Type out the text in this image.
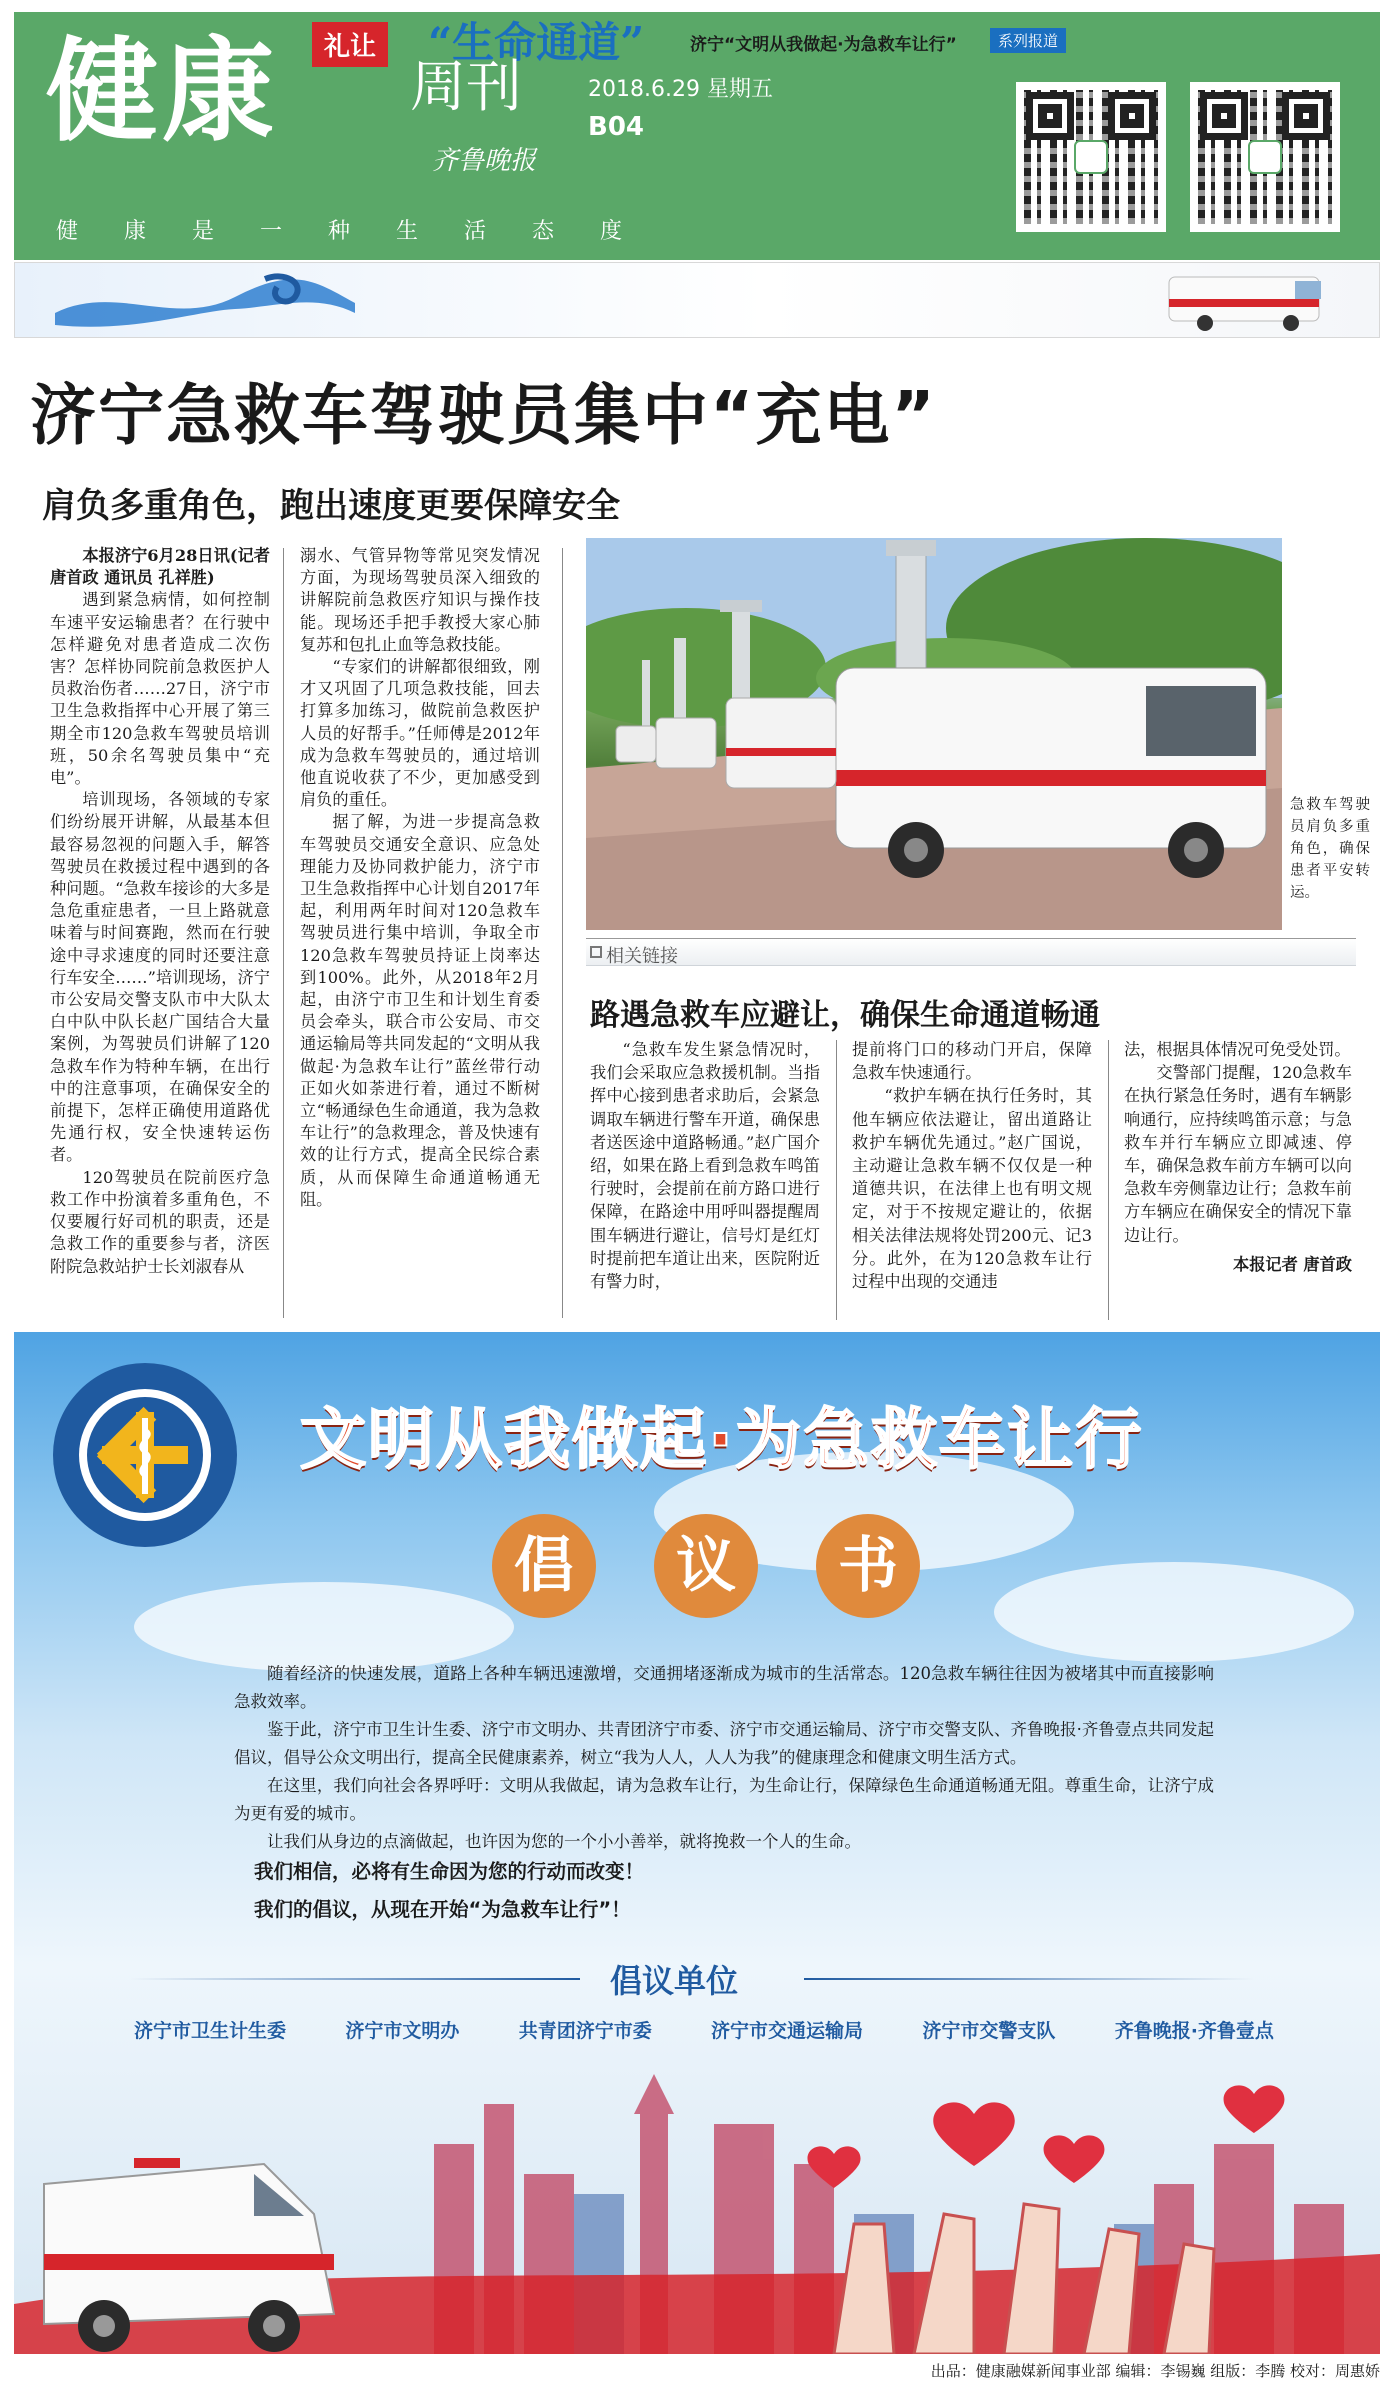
健康 周刊	2018.6.29 星期五
B04
齐鲁晚报
健康是一种生活态度
礼让 “生命通道”	济宁“文明从我做起·为急救车让行”	系列报道
济宁急救车驾驶员集中“充电”
肩负多重角色，跑出速度更要保障安全

本报济宁6月28日讯(记者 唐首政 通讯员 孔祥胜)

遇到紧急病情，如何控制车速平安运输患者？在行驶中怎样避免对患者造成二次伤害？怎样协同院前急救医护人员救治伤者……27日，济宁市卫生急救指挥中心开展了第三期全市120急救车驾驶员培训班，50余名驾驶员集中“充电”。

培训现场，各领域的专家们纷纷展开讲解，从最基本但最容易忽视的问题入手，解答驾驶员在救援过程中遇到的各种问题。“急救车接诊的大多是急危重症患者，一旦上路就意味着与时间赛跑，然而在行驶途中寻求速度的同时还要注意行车安全……”培训现场，济宁市公安局交警支队市中大队太白中队中队长赵广国结合大量案例，为驾驶员们讲解了120急救车作为特种车辆，在出行中的注意事项，在确保安全的前提下，怎样正确使用道路优先通行权，安全快速转运伤者。

120驾驶员在院前医疗急救工作中扮演着多重角色，不仅要履行好司机的职责，还是急救工作的重要参与者，济医附院急救站护士长刘淑春从

溺水、气管异物等常见突发情况方面，为现场驾驶员深入细致的讲解院前急救医疗知识与操作技能。现场还手把手教授大家心肺复苏和包扎止血等急救技能。

“专家们的讲解都很细致，刚才又巩固了几项急救技能，回去打算多加练习，做院前急救医护人员的好帮手。”任师傅是2012年成为急救车驾驶员的，通过培训他直说收获了不少，更加感受到肩负的重任。

据了解，为进一步提高急救车驾驶员交通安全意识、应急处理能力及协同救护能力，济宁市卫生急救指挥中心计划自2017年起，利用两年时间对120急救车驾驶员进行集中培训，争取全市120急救车驾驶员持证上岗率达到100%。此外，从2018年2月起，由济宁市卫生和计划生育委员会牵头，联合市公安局、市交通运输局等共同发起的“文明从我做起·为急救车让行”蓝丝带行动正如火如荼进行着，通过不断树立“畅通绿色生命通道，我为急救车让行”的急救理念，普及快速有效的让行方式，提高全民综合素质，从而保障生命通道畅通无阻。

急救车驾驶员肩负多重角色，确保患者平安转运。
相关链接
路遇急救车应避让，确保生命通道畅通

“急救车发生紧急情况时，我们会采取应急救援机制。当指挥中心接到患者求助后，会紧急调取车辆进行警车开道，确保患者送医途中道路畅通。”赵广国介绍，如果在路上看到急救车鸣笛行驶时，会提前在前方路口进行保障，在路途中用呼叫器提醒周围车辆进行避让，信号灯是红灯时提前把车道让出来，医院附近有警力时，

提前将门口的移动门开启，保障急救车快速通行。

“救护车辆在执行任务时，其他车辆应依法避让，留出道路让救护车辆优先通过。”赵广国说，主动避让急救车辆不仅仅是一种道德共识，在法律上也有明文规定，对于不按规定避让的，依据相关法律法规将处罚200元、记3分。此外，在为120急救车让行过程中出现的交通违

法，根据具体情况可免受处罚。

交警部门提醒，120急救车在执行紧急任务时，遇有车辆影响通行，应持续鸣笛示意；与急救车并行车辆应立即减速、停车，确保急救车前方车辆可以向急救车旁侧靠边让行；急救车前方车辆应在确保安全的情况下靠边让行。

本报记者 唐首政

文明从我做起·为急救车让行
倡	议	书

随着经济的快速发展，道路上各种车辆迅速激增，交通拥堵逐渐成为城市的生活常态。120急救车辆往往因为被堵其中而直接影响急救效率。

鉴于此，济宁市卫生计生委、济宁市文明办、共青团济宁市委、济宁市交通运输局、济宁市交警支队、齐鲁晚报·齐鲁壹点共同发起倡议，倡导公众文明出行，提高全民健康素养，树立“我为人人，人人为我”的健康理念和健康文明生活方式。

在这里，我们向社会各界呼吁：文明从我做起，请为急救车让行，为生命让行，保障绿色生命通道畅通无阻。尊重生命，让济宁成为更有爱的城市。

让我们从身边的点滴做起，也许因为您的一个小小善举，就将挽救一个人的生命。

我们相信，必将有生命因为您的行动而改变！
我们的倡议，从现在开始“为急救车让行”！
倡议单位
济宁市卫生计生委	济宁市文明办	共青团济宁市委	济宁市交通运输局	济宁市交警支队	齐鲁晚报·齐鲁壹点
出品：健康融媒新闻事业部 编辑：李锡巍 组版：李腾 校对：周惠娇
